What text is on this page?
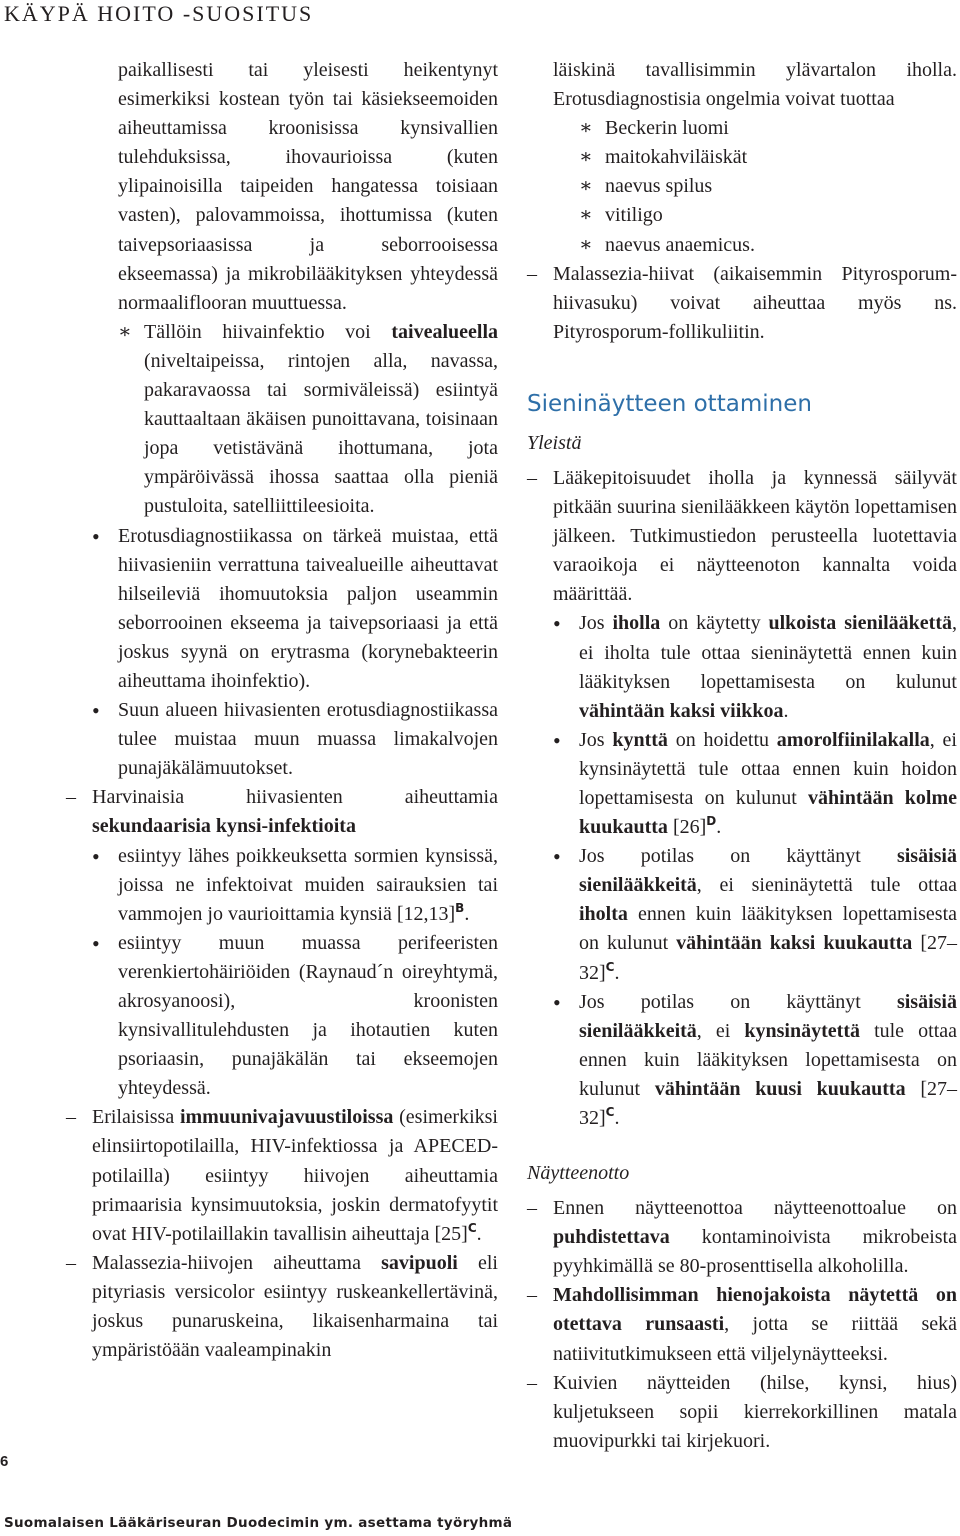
KÄYPÄ HOITO -SUOSITUS
paikallisesti tai yleisesti heikentynyt esimerkiksi kostean työn tai käsiekseemoiden aiheuttamissa kroonisissa kynsivallien tulehduksissa, ihovaurioissa (kuten ylipainoisilla taipeiden hangatessa toisiaan vasten), palovammoissa, ihottumissa (kuten taivepsoriaasissa ja seborrooisessa ekseemassa) ja mikrobilääkityksen yhteydessä normaaliflooran muuttuessa.
∗ Tällöin hiivainfektio voi taivealueella (niveltaipeissa, rintojen alla, navassa, pakaravaossa tai sormiväleissä) esiintyä kauttaaltaan äkäisen punoittavana, toisinaan jopa vetistävänä ihottumana, jota ympäröivässä ihossa saattaa olla pieniä pustuloita, satelliittileesioita.
• Erotusdiagnostiikassa on tärkeä muistaa, että hiivasieniin verrattuna taivealueille aiheuttavat hilseileviä ihomuutoksia paljon useammin seborrooinen ekseema ja taivepsoriaasi ja että joskus syynä on erytrasma (korynebakteerin aiheuttama ihoinfektio).
• Suun alueen hiivasienten erotusdiagnostiikassa tulee muistaa muun muassa limakalvojen punajäkälämuutokset.
– Harvinaisia hiivasienten aiheuttamia sekundaarisia kynsi-infektioita
• esiintyy lähes poikkeuksetta sormien kynsissä, joissa ne infektoivat muiden sairauksien tai vammojen jo vaurioittamia kynsiä $[12,13]^B$.
• esiintyy muun muassa perifeeristen verenkiertohäiriöiden (Raynaud´n oireyhtymä, akrosyanoosi), kroonisten kynsivallitulehdusten ja ihotautien kuten psoriaasin, punajäkälän tai ekseemojen yhteydessä.
– Erilaisissa immuunivajavuustiloissa (esimerkiksi elinsiirtopotilailla, HIV-infektiossa ja APECED-potilailla) esiintyy hiivojen aiheuttamia primaarisia kynsimuutoksia, joskin dermatofyytit ovat HIV-potilaillakin tavallisin aiheuttaja $[25]^C$.
– Malassezia-hiivojen aiheuttama savipuoli eli pityriasis versicolor esiintyy ruskeankellertävinä, joskus punaruskeina, likaisenharmaina tai ympäristöään vaaleampinakin
läiskinä tavallisimmin ylävartalon iholla. Erotusdiagnostisia ongelmia voivat tuottaa
∗ Beckerin luomi
∗ maitokahviläiskät
∗ naevus spilus
∗ vitiligo
∗ naevus anaemicus.
– Malassezia-hiivat (aikaisemmin Pityrosporum-hiivasuku) voivat aiheuttaa myös ns. Pityrosporum-follikuliitin.
Sieninäytteen ottaminen
Yleistä
– Lääkepitoisuudet iholla ja kynnessä säilyvät pitkään suurina sienilääkkeen käytön lopettamisen jälkeen. Tutkimustiedon perusteella luotettavia varaoikoja ei näytteenoton kannalta voida määrittää.
• Jos iholla on käytetty ulkoista sienilääkettä, ei iholta tule ottaa sieninäytettä ennen kuin lääkityksen lopettamisesta on kulunut vähintään kaksi viikkoa.
• Jos kynttä on hoidettu amorolfiinilakalla, ei kynsinäytettä tule ottaa ennen kuin hoidon lopettamisesta on kulunut vähintään kolme kuukautta $[26]^D$.
• Jos potilas on käyttänyt sisäisiä sienilääkkeitä, ei sieninäytettä tule ottaa iholta ennen kuin lääkityksen lopettamisesta on kulunut vähintään kaksi kuukautta $[27-32]^C$.
• Jos potilas on käyttänyt sisäisiä sienilääkkeitä, ei kynsinäytettä tule ottaa ennen kuin lääkityksen lopettamisesta on kulunut vähintään kuusi kuukautta $[27-32]^C$.
Näytteenotto
– Ennen näytteenottoa näytteenottoalue on puhdistettava kontaminoivista mikrobeista pyyhkimällä se 80-prosenttisella alkoholilla.
– Mahdollisimman hienojakoista näytettä on otettava runsaasti, jotta se riittää sekä natiivitutkimukseen että viljelynäytteeksi.
– Kuivien näytteiden (hilse, kynsi, hius) kuljetukseen sopii kierrekorkillinen matala muovipurkki tai kirjekuori.
6
Suomalaisen Lääkäriseuran Duodecimin ym. asettama työryhmä
